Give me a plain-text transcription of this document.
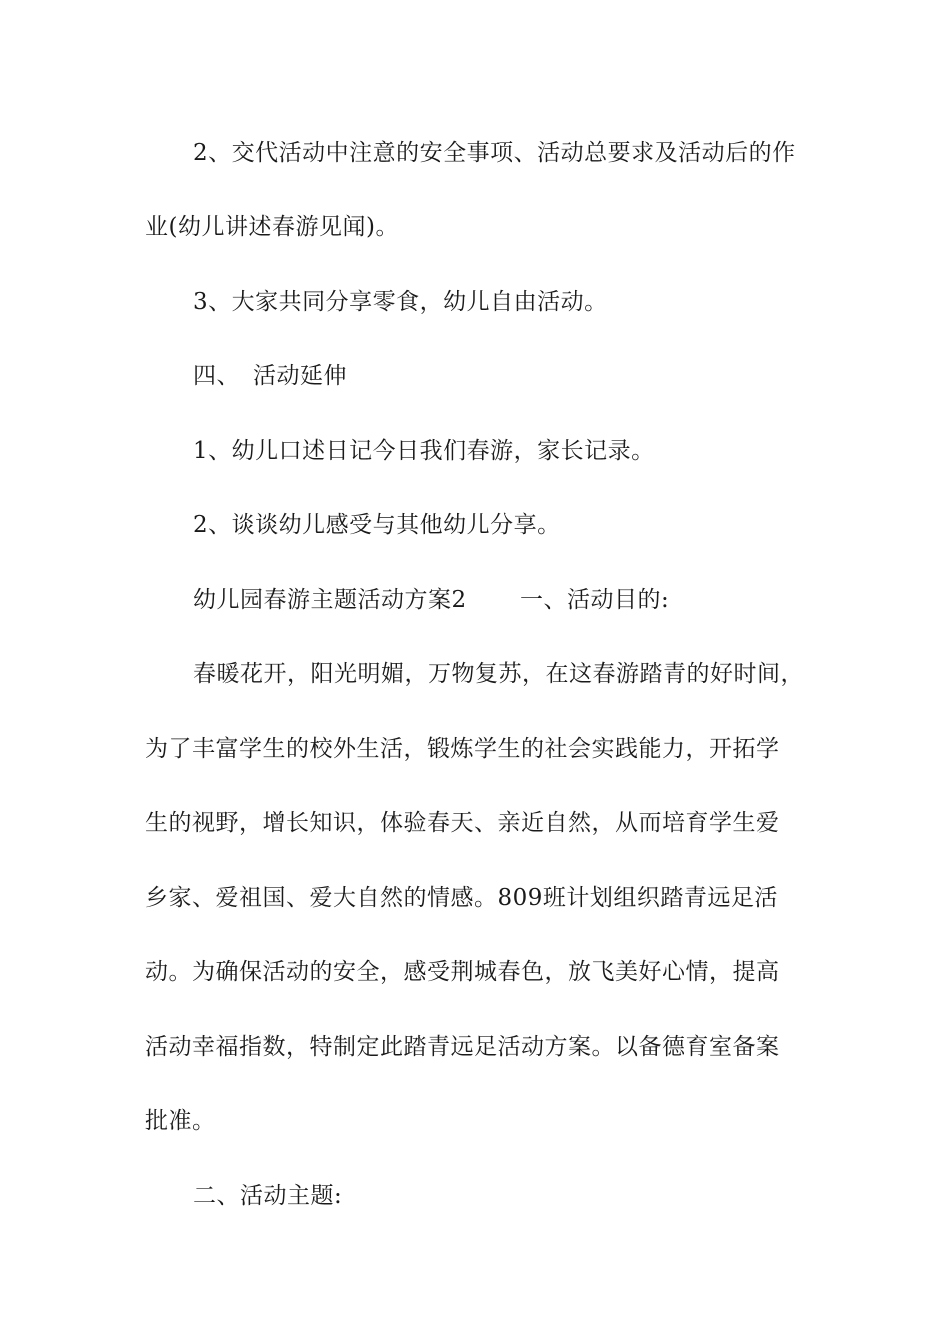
2、交代活动中注意的安全事项、活动总要求及活动后的作
业(幼儿讲述春游见闻)。
3、大家共同分享零食，幼儿自由活动。
四、 活动延伸
1、幼儿口述日记今日我们春游，家长记录。
2、谈谈幼儿感受与其他幼儿分享。
幼儿园春游主题活动方案2 一、活动目的:
春暖花开，阳光明媚，万物复苏，在这春游踏青的好时间，
为了丰富学生的校外生活，锻炼学生的社会实践能力，开拓学
生的视野，增长知识，体验春天、亲近自然，从而培育学生爱
乡家、爱祖国、爱大自然的情感。809班计划组织踏青远足活
动。为确保活动的安全，感受荆城春色，放飞美好心情，提高
活动幸福指数，特制定此踏青远足活动方案。以备德育室备案
批准。
二、活动主题:
